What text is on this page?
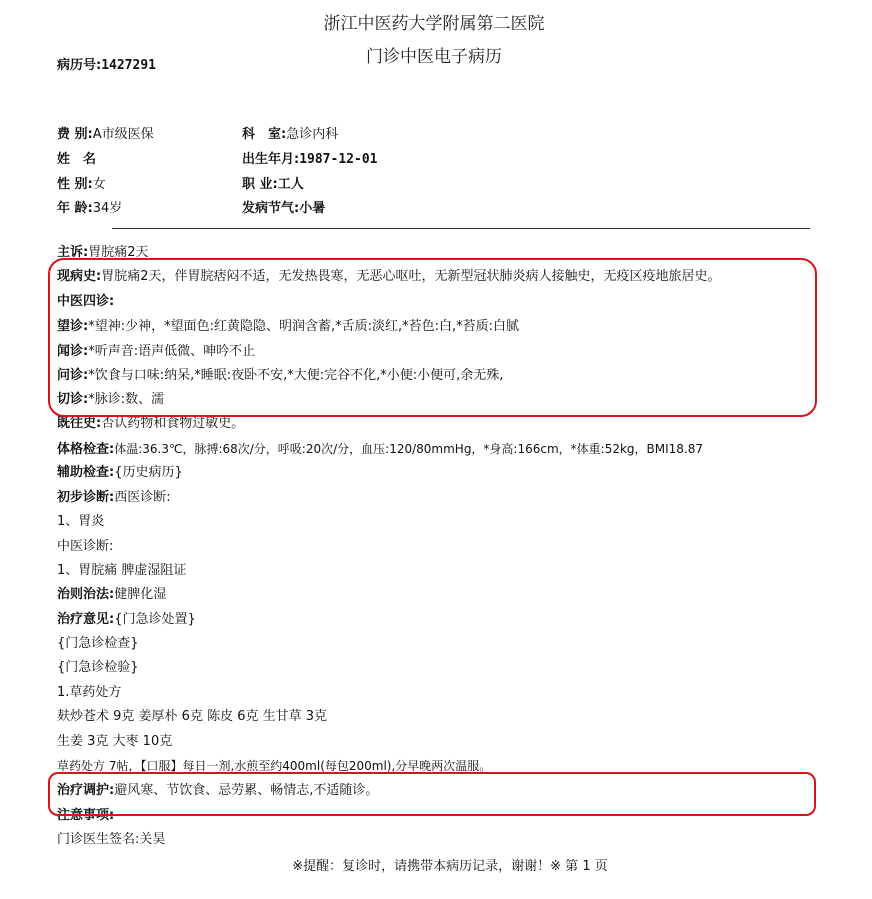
浙江中医药大学附属第二医院
门诊中医电子病历
病历号:1427291
费 别:A市级医保	科　室:急诊内科
姓　名	出生年月:1987-12-01
性 别:女	职 业:工人
年 龄:34岁	发病节气:小暑
主诉:胃脘痛2天
现病史:胃脘痛2天，伴胃脘痞闷不适，无发热畏寒，无恶心呕吐，无新型冠状肺炎病人接触史，无疫区疫地旅居史。
中医四诊:
望诊:*望神:少神，*望面色:红黄隐隐、明润含蓄,*舌质:淡红,*苔色:白,*苔质:白腻
闻诊:*听声音:语声低微、呻吟不止
问诊:*饮食与口味:纳呆,*睡眠:夜卧不安,*大便:完谷不化,*小便:小便可,余无殊,
切诊:*脉诊:数、濡
既往史:否认药物和食物过敏史。
体格检查:体温:36.3℃，脉搏:68次/分，呼吸:20次/分，血压:120/80mmHg，*身高:166cm，*体重:52kg，BMI18.87
辅助检查:{历史病历}
初步诊断:西医诊断:
1、胃炎
中医诊断:
1、胃脘痛 脾虚湿阻证
治则治法:健脾化湿
治疗意见:{门急诊处置}
{门急诊检查}
{门急诊检验}
1.草药处方
麸炒苍术 9克 姜厚朴 6克 陈皮 6克 生甘草 3克
生姜 3克 大枣 10克
草药处方 7帖，【口服】每日一剂,水煎至约400ml(每包200ml),分早晚两次温服。
治疗调护:避风寒、节饮食、忌劳累、畅情志,不适随诊。
注意事项:
门诊医生签名:关昊
※提醒：复诊时，请携带本病历记录，谢谢！※ 第 1 页
